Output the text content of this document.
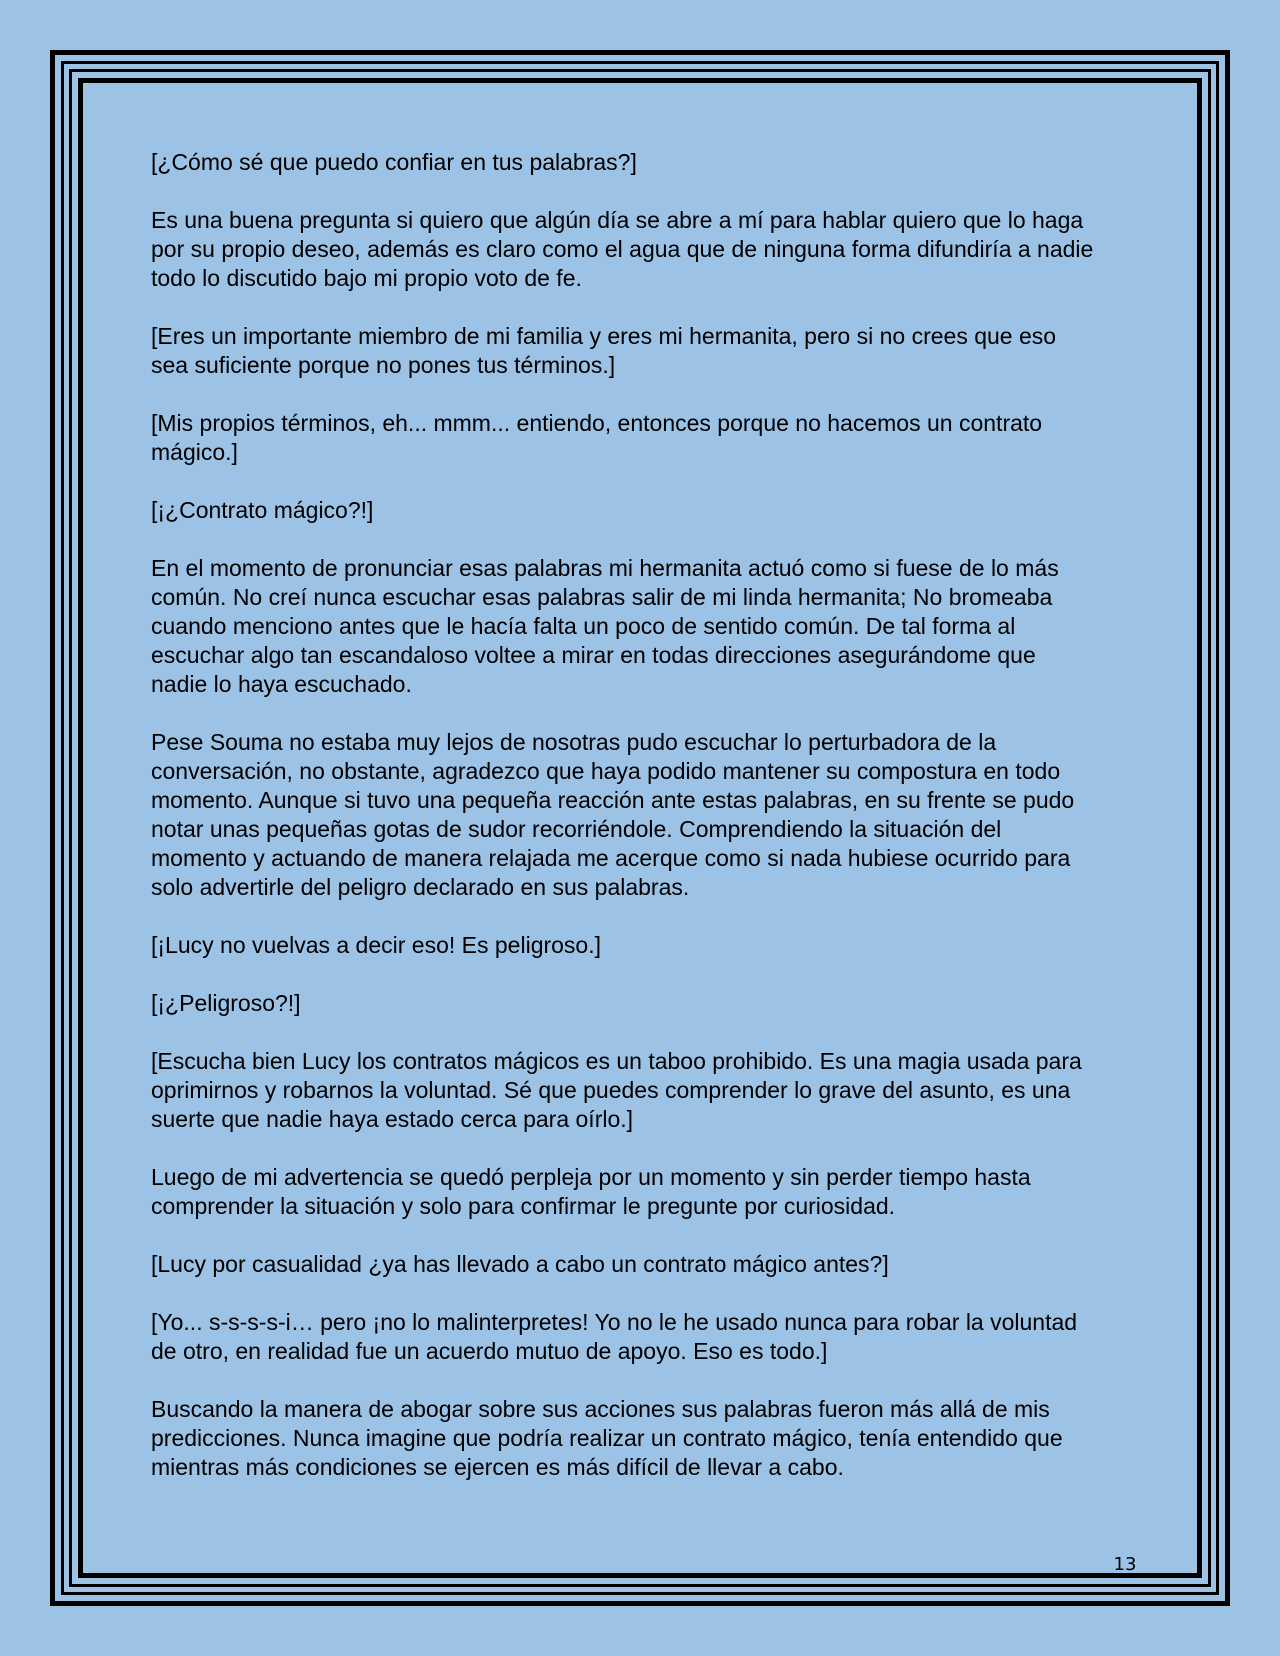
[¿Cómo sé que puedo confiar en tus palabras?]

Es una buena pregunta si quiero que algún día se abre a mí para hablar quiero que lo haga por su propio deseo, además es claro como el agua que de ninguna forma difundiría a nadie todo lo discutido bajo mi propio voto de fe.

[Eres un importante miembro de mi familia y eres mi hermanita, pero si no crees que eso sea suficiente porque no pones tus términos.]

[Mis propios términos, eh... mmm... entiendo, entonces porque no hacemos un contrato mágico.]

[¡¿Contrato mágico?!]

En el momento de pronunciar esas palabras mi hermanita actuó como si fuese de lo más común. No creí nunca escuchar esas palabras salir de mi linda hermanita; No bromeaba cuando menciono antes que le hacía falta un poco de sentido común. De tal forma al escuchar algo tan escandaloso voltee a mirar en todas direcciones asegurándome que nadie lo haya escuchado.

Pese Souma no estaba muy lejos de nosotras pudo escuchar lo perturbadora de la conversación, no obstante, agradezco que haya podido mantener su compostura en todo momento. Aunque si tuvo una pequeña reacción ante estas palabras, en su frente se pudo notar unas pequeñas gotas de sudor recorriéndole. Comprendiendo la situación del momento y actuando de manera relajada me acerque como si nada hubiese ocurrido para solo advertirle del peligro declarado en sus palabras.

[¡Lucy no vuelvas a decir eso! Es peligroso.]

[¡¿Peligroso?!]

[Escucha bien Lucy los contratos mágicos es un taboo prohibido. Es una magia usada para oprimirnos y robarnos la voluntad. Sé que puedes comprender lo grave del asunto, es una suerte que nadie haya estado cerca para oírlo.]

Luego de mi advertencia se quedó perpleja por un momento y sin perder tiempo hasta comprender la situación y solo para confirmar le pregunte por curiosidad.

[Lucy por casualidad ¿ya has llevado a cabo un contrato mágico antes?]

[Yo... s-s-s-s-i… pero ¡no lo malinterpretes! Yo no le he usado nunca para robar la voluntad de otro, en realidad fue un acuerdo mutuo de apoyo. Eso es todo.]

Buscando la manera de abogar sobre sus acciones sus palabras fueron más allá de mis predicciones. Nunca imagine que podría realizar un contrato mágico, tenía entendido que mientras más condiciones se ejercen es más difícil de llevar a cabo.

13
